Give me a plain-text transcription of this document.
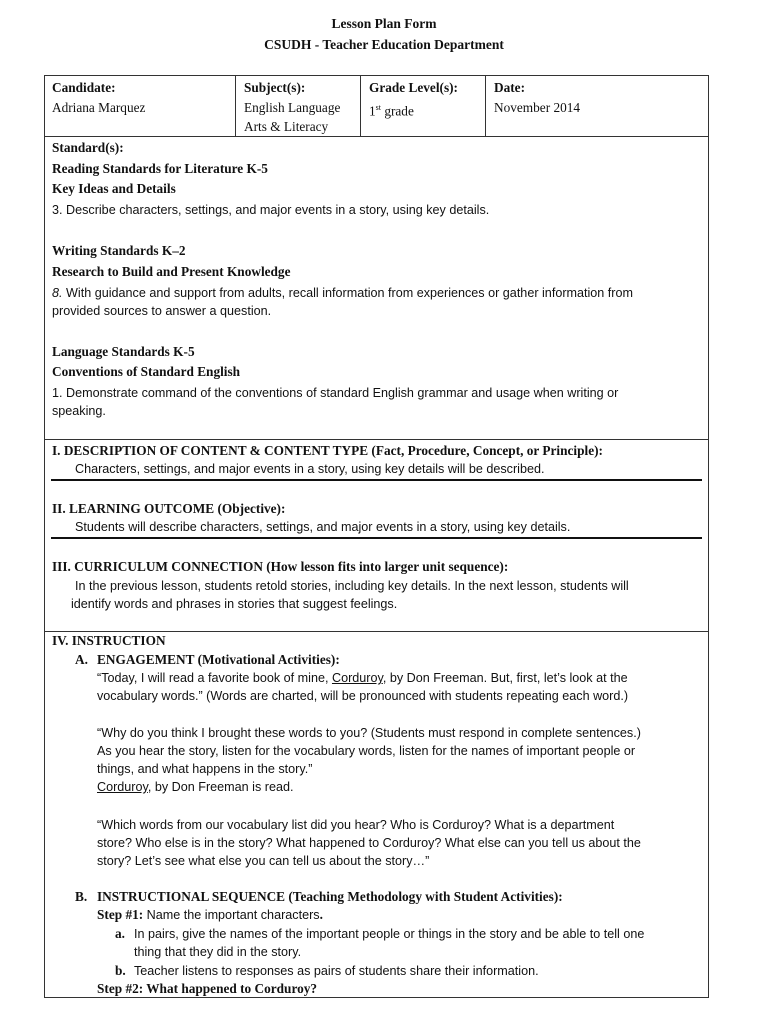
Lesson Plan Form
CSUDH - Teacher Education Department
Candidate:
Adriana Marquez
Subject(s):
English Language
Arts & Literacy
Grade Level(s):
1st grade
Date:
November 2014
Standard(s):
Reading Standards for Literature K-5
Key Ideas and Details
3. Describe characters, settings, and major events in a story, using key details.
Writing Standards K–2
Research to Build and Present Knowledge
8. With guidance and support from adults, recall information from experiences or gather information from
provided sources to answer a question.
Language Standards K-5
Conventions of Standard English
1. Demonstrate command of the conventions of standard English grammar and usage when writing or
speaking.
I. DESCRIPTION OF CONTENT & CONTENT TYPE (Fact, Procedure, Concept, or Principle):
Characters, settings, and major events in a story, using key details will be described.
II. LEARNING OUTCOME (Objective):
Students will describe characters, settings, and major events in a story, using key details.
III. CURRICULUM CONNECTION (How lesson fits into larger unit sequence):
In the previous lesson, students retold stories, including key details. In the next lesson, students will
identify words and phrases in stories that suggest feelings.
IV. INSTRUCTION
A. ENGAGEMENT (Motivational Activities):
“Today, I will read a favorite book of mine, Corduroy, by Don Freeman. But, first, let’s look at the
vocabulary words.” (Words are charted, will be pronounced with students repeating each word.)
“Why do you think I brought these words to you? (Students must respond in complete sentences.)
As you hear the story, listen for the vocabulary words, listen for the names of important people or
things, and what happens in the story.”
Corduroy, by Don Freeman is read.
“Which words from our vocabulary list did you hear? Who is Corduroy? What is a department
store? Who else is in the story? What happened to Corduroy? What else can you tell us about the
story? Let’s see what else you can tell us about the story…”
B. INSTRUCTIONAL SEQUENCE (Teaching Methodology with Student Activities):
Step #1: Name the important characters.
a. In pairs, give the names of the important people or things in the story and be able to tell one
thing that they did in the story.
b. Teacher listens to responses as pairs of students share their information.
Step #2: What happened to Corduroy?
